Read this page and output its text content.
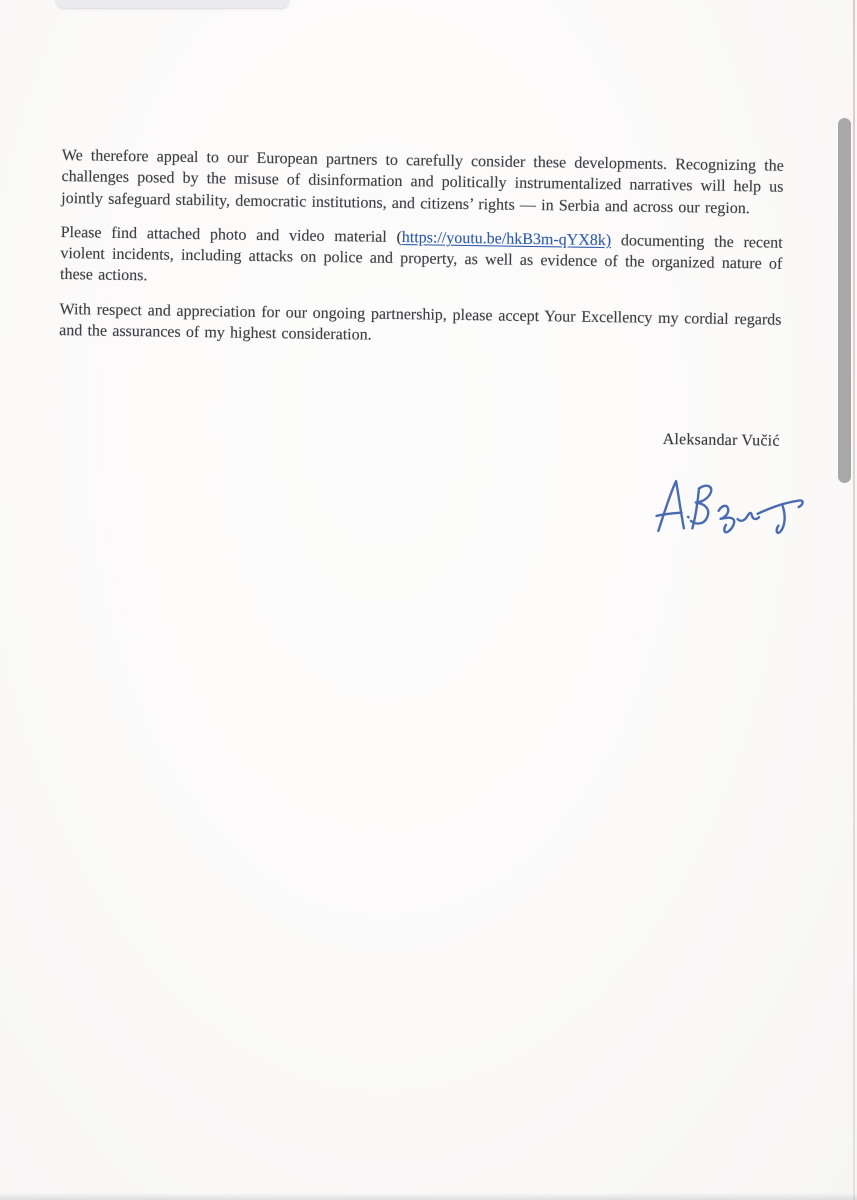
We therefore appeal to our European partners to carefully consider these developments. Recognizing the challenges posed by the misuse of disinformation and politically instrumentalized narratives will help us jointly safeguard stability, democratic institutions, and citizens’ rights — in Serbia and across our region.

Please find attached photo and video material (https://youtu.be/hkB3m-qYX8k) documenting the recent violent incidents, including attacks on police and property, as well as evidence of the organized nature of these actions.

With respect and appreciation for our ongoing partnership, please accept Your Excellency my cordial regards and the assurances of my highest consideration.

Aleksandar Vučić
